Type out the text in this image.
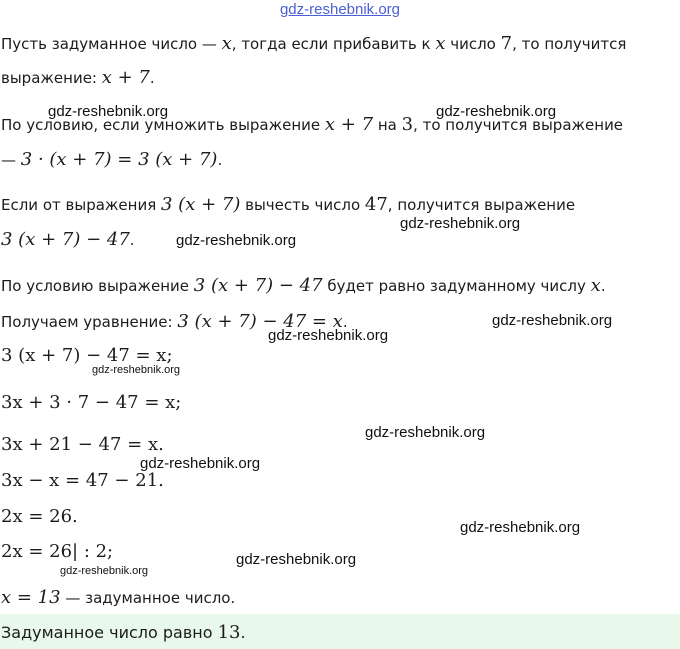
gdz-reshebnik.org
Пусть задуманное число — x, тогда если прибавить к x число 7, то получится
выражение: x + 7.
По условию, если умножить выражение x + 7 на 3, то получится выражение
— 3 · (x + 7) = 3 (x + 7).
Если от выражения 3 (x + 7) вычесть число 47, получится выражение
3 (x + 7) − 47.
По условию выражение 3 (x + 7) − 47 будет равно задуманному числу x.
Получаем уравнение: 3 (x + 7) − 47 = x.
3 (x + 7) − 47 = x;
3x + 3 · 7 − 47 = x;
3x + 21 − 47 = x.
3x − x = 47 − 21.
2x = 26.
2x = 26| : 2;
x = 13 — задуманное число.
Задуманное число равно 13.
gdz-reshebnik.org	gdz-reshebnik.org
gdz-reshebnik.org
gdz-reshebnik.org
gdz-reshebnik.org
gdz-reshebnik.org
gdz-reshebnik.org
gdz-reshebnik.org
gdz-reshebnik.org
gdz-reshebnik.org
gdz-reshebnik.org
gdz-reshebnik.org
